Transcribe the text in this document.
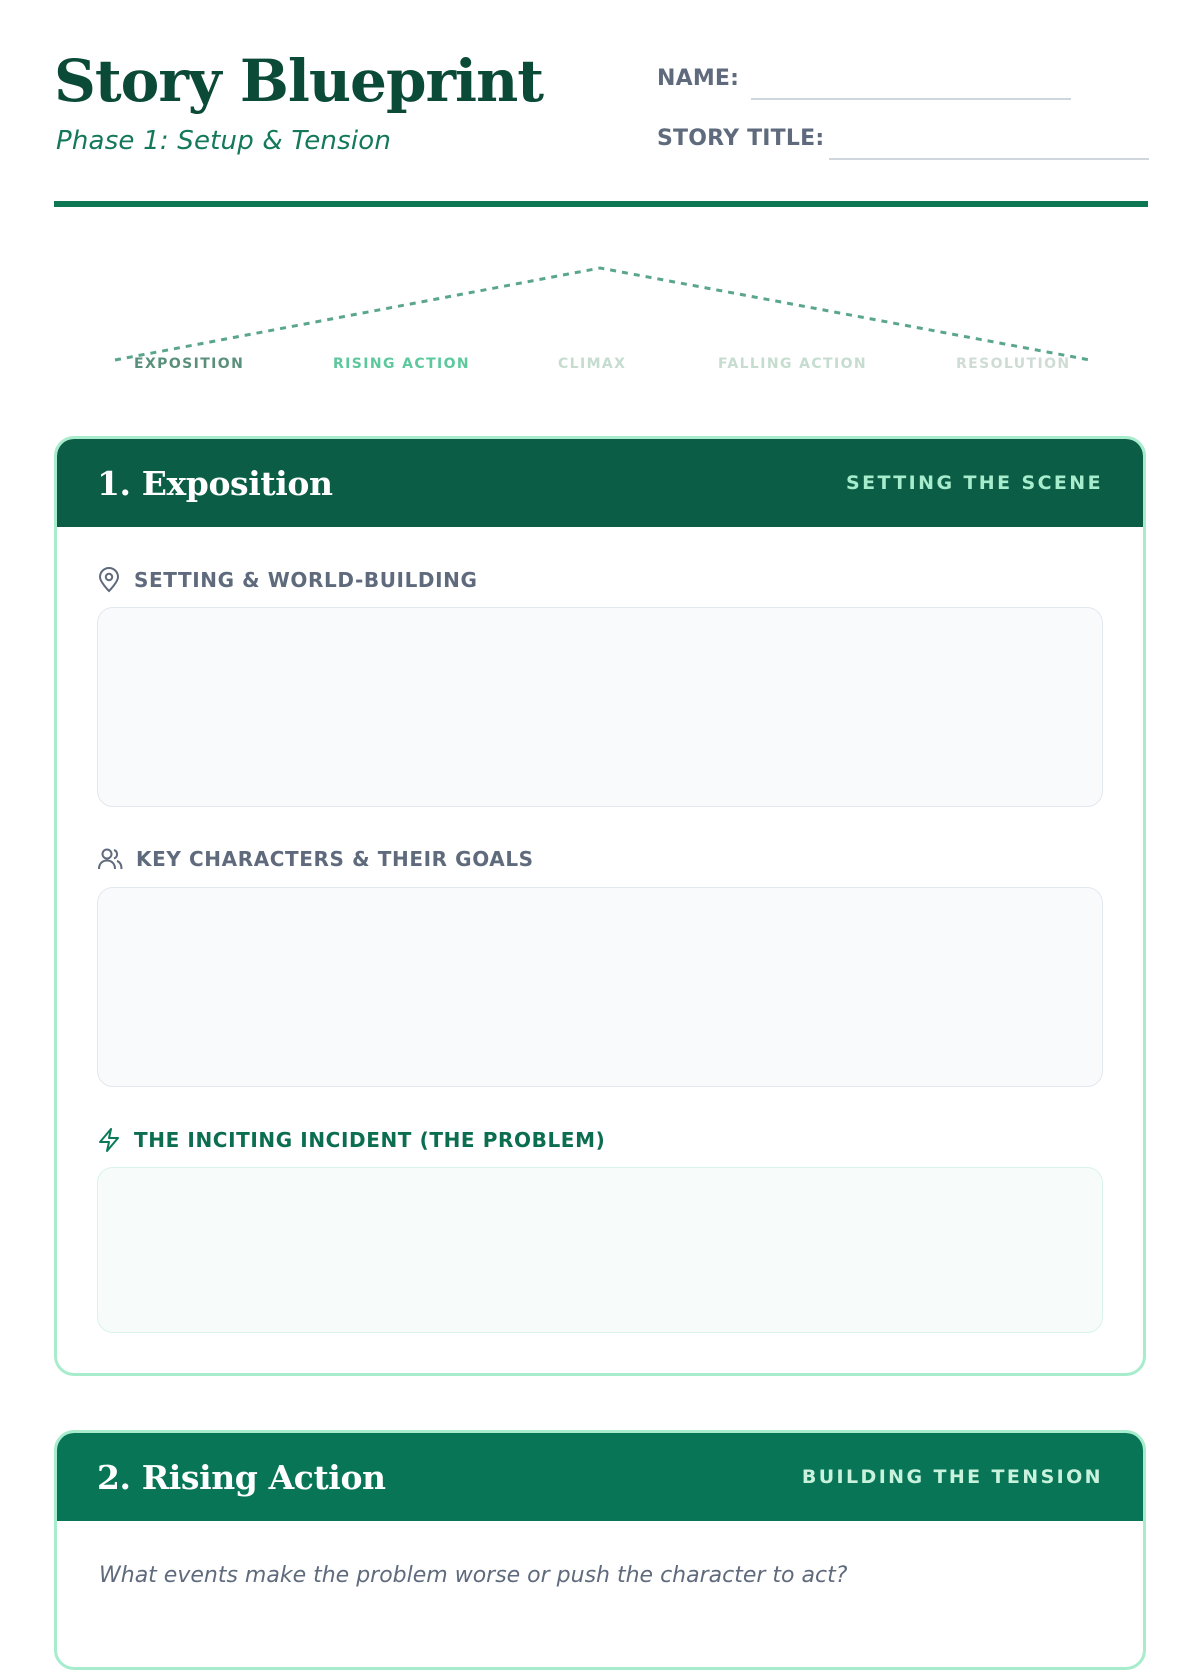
Story Blueprint
Phase 1: Setup & Tension
NAME:
STORY TITLE:
EXPOSITION	RISING ACTION	CLIMAX	FALLING ACTION	RESOLUTION
1. Exposition	SETTING THE SCENE
SETTING & WORLD-BUILDING
KEY CHARACTERS & THEIR GOALS
THE INCITING INCIDENT (THE PROBLEM)
2. Rising Action	BUILDING THE TENSION
What events make the problem worse or push the character to act?
